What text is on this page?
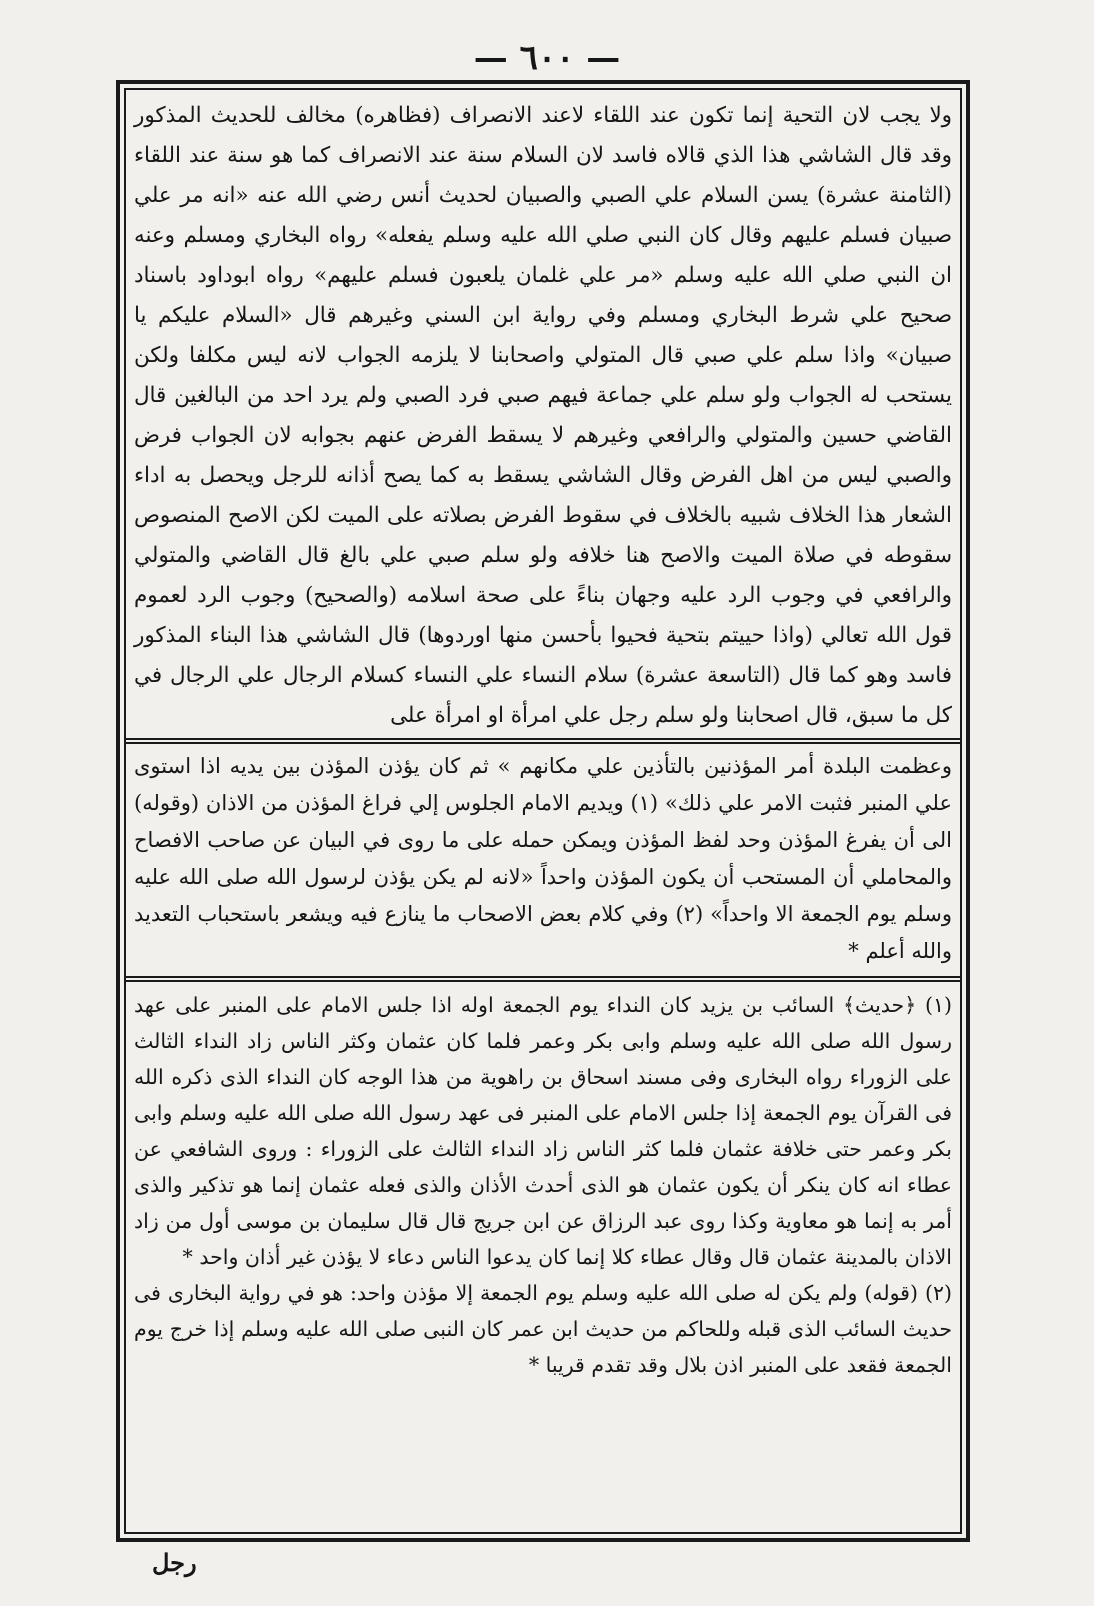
— ٦٠٠ —

ولا يجب لان التحية إنما تكون عند اللقاء لاعند الانصراف (فظاهره) مخالف للحديث المذكور وقد قال الشاشي هذا الذي قالاه فاسد لان السلام سنة عند الانصراف كما هو سنة عند اللقاء (الثامنة عشرة) يسن السلام علي الصبي والصبيان لحديث أنس رضي الله عنه «انه مر علي صبيان فسلم عليهم وقال كان النبي صلي الله عليه وسلم يفعله» رواه البخاري ومسلم وعنه ان النبي صلي الله عليه وسلم «مر علي غلمان يلعبون فسلم عليهم» رواه ابوداود باسناد صحيح علي شرط البخاري ومسلم وفي رواية ابن السني وغيرهم قال «السلام عليكم يا صبيان» واذا سلم علي صبي قال المتولي واصحابنا لا يلزمه الجواب لانه ليس مكلفا ولكن يستحب له الجواب ولو سلم علي جماعة فيهم صبي فرد الصبي ولم يرد احد من البالغين قال القاضي حسين والمتولي والرافعي وغيرهم لا يسقط الفرض عنهم بجوابه لان الجواب فرض والصبي ليس من اهل الفرض وقال الشاشي يسقط به كما يصح أذانه للرجل ويحصل به اداء الشعار هذا الخلاف شبيه بالخلاف في سقوط الفرض بصلاته على الميت لكن الاصح المنصوص سقوطه في صلاة الميت والاصح هنا خلافه ولو سلم صبي علي بالغ قال القاضي والمتولي والرافعي في وجوب الرد عليه وجهان بناءً على صحة اسلامه (والصحيح) وجوب الرد لعموم قول الله تعالي (واذا حييتم بتحية فحيوا بأحسن منها اوردوها) قال الشاشي هذا البناء المذكور فاسد وهو كما قال (التاسعة عشرة) سلام النساء علي النساء كسلام الرجال علي الرجال في كل ما سبق، قال اصحابنا ولو سلم رجل علي امرأة او امرأة على

وعظمت البلدة أمر المؤذنين بالتأذين علي مكانهم » ثم كان يؤذن المؤذن بين يديه اذا استوى علي المنبر فثبت الامر علي ذلك» (١) ويديم الامام الجلوس إلي فراغ المؤذن من الاذان (وقوله) الى أن يفرغ المؤذن وحد لفظ المؤذن ويمكن حمله على ما روى في البيان عن صاحب الافصاح والمحاملي أن المستحب أن يكون المؤذن واحداً «لانه لم يكن يؤذن لرسول الله صلى الله عليه وسلم يوم الجمعة الا واحداً» (٢) وفي كلام بعض الاصحاب ما ينازع فيه ويشعر باستحباب التعديد والله أعلم *

(١) ﴿حديث﴾ السائب بن يزيد كان النداء يوم الجمعة اوله اذا جلس الامام على المنبر على عهد رسول الله صلى الله عليه وسلم وابى بكر وعمر فلما كان عثمان وكثر الناس زاد النداء الثالث على الزوراء رواه البخارى وفى مسند اسحاق بن راهوية من هذا الوجه كان النداء الذى ذكره الله فى القرآن يوم الجمعة إذا جلس الامام على المنبر فى عهد رسول الله صلى الله عليه وسلم وابى بكر وعمر حتى خلافة عثمان فلما كثر الناس زاد النداء الثالث على الزوراء : وروى الشافعي عن عطاء انه كان ينكر أن يكون عثمان هو الذى أحدث الأذان والذى فعله عثمان إنما هو تذكير والذى أمر به إنما هو معاوية وكذا روى عبد الرزاق عن ابن جريج قال قال سليمان بن موسى أول من زاد الاذان بالمدينة عثمان قال وقال عطاء كلا إنما كان يدعوا الناس دعاء لا يؤذن غير أذان واحد *

(٢) (قوله) ولم يكن له صلى الله عليه وسلم يوم الجمعة إلا مؤذن واحد: هو في رواية البخارى فى حديث السائب الذى قبله وللحاكم من حديث ابن عمر كان النبى صلى الله عليه وسلم إذا خرج يوم الجمعة فقعد على المنبر اذن بلال وقد تقدم قريبا *

رجل
